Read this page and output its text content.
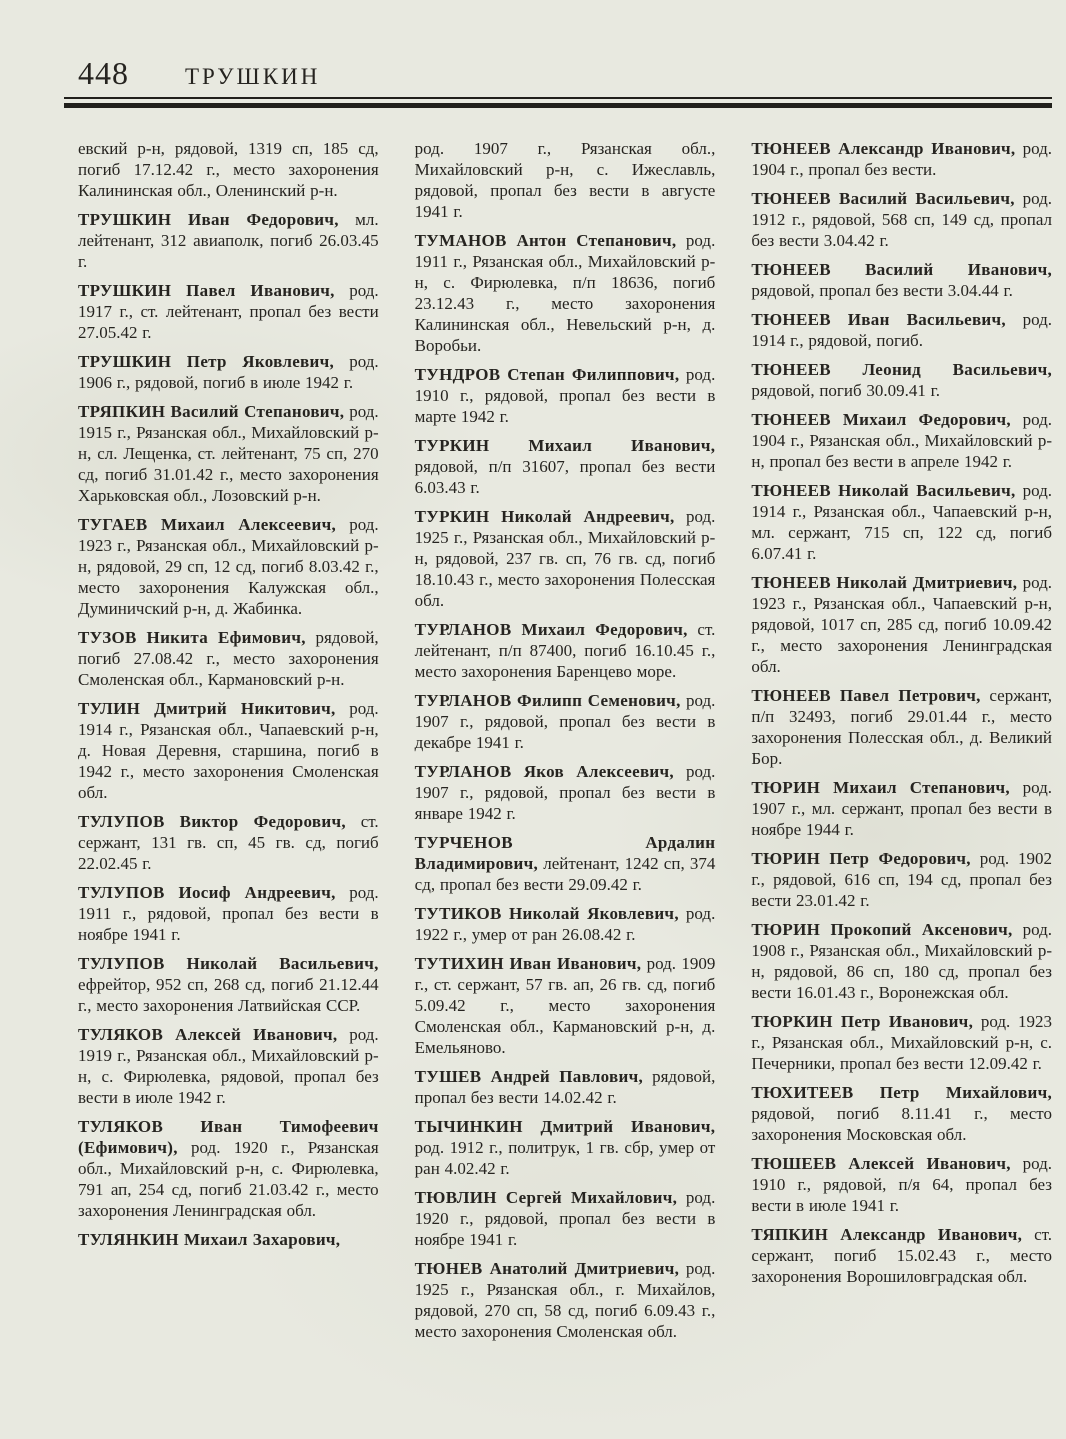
448 ТРУШКИН

евский р-н, рядовой, 1319 сп, 185 сд, погиб 17.12.42 г., место захоронения Калининская обл., Оленинский р-н.

ТРУШКИН Иван Федорович, мл. лейтенант, 312 авиаполк, погиб 26.03.45 г.

ТРУШКИН Павел Иванович, род. 1917 г., ст. лейтенант, пропал без вести 27.05.42 г.

ТРУШКИН Петр Яковлевич, род. 1906 г., рядовой, погиб в июле 1942 г.

ТРЯПКИН Василий Степанович, род. 1915 г., Рязанская обл., Михайловский р-н, сл. Лещенка, ст. лейтенант, 75 сп, 270 сд, погиб 31.01.42 г., место захоронения Харьковская обл., Лозовский р-н.

ТУГАЕВ Михаил Алексеевич, род. 1923 г., Рязанская обл., Михайловский р-н, рядовой, 29 сп, 12 сд, погиб 8.03.42 г., место захоронения Калужская обл., Думиничский р-н, д. Жабинка.

ТУЗОВ Никита Ефимович, рядовой, погиб 27.08.42 г., место захоронения Смоленская обл., Кармановский р-н.

ТУЛИН Дмитрий Никитович, род. 1914 г., Рязанская обл., Чапаевский р-н, д. Новая Деревня, старшина, погиб в 1942 г., место захоронения Смоленская обл.

ТУЛУПОВ Виктор Федорович, ст. сержант, 131 гв. сп, 45 гв. сд, погиб 22.02.45 г.

ТУЛУПОВ Иосиф Андреевич, род. 1911 г., рядовой, пропал без вести в ноябре 1941 г.

ТУЛУПОВ Николай Васильевич, ефрейтор, 952 сп, 268 сд, погиб 21.12.44 г., место захоронения Латвийская ССР.

ТУЛЯКОВ Алексей Иванович, род. 1919 г., Рязанская обл., Михайловский р-н, с. Фирюлевка, рядовой, пропал без вести в июле 1942 г.

ТУЛЯКОВ Иван Тимофеевич (Ефимович), род. 1920 г., Рязанская обл., Михайловский р-н, с. Фирюлевка, 791 ап, 254 сд, погиб 21.03.42 г., место захоронения Ленинградская обл.

ТУЛЯНКИН Михаил Захарович,

род. 1907 г., Рязанская обл., Михайловский р-н, с. Ижеславль, рядовой, пропал без вести в августе 1941 г.

ТУМАНОВ Антон Степанович, род. 1911 г., Рязанская обл., Михайловский р-н, с. Фирюлевка, п/п 18636, погиб 23.12.43 г., место захоронения Калининская обл., Невельский р-н, д. Воробьи.

ТУНДРОВ Степан Филиппович, род. 1910 г., рядовой, пропал без вести в марте 1942 г.

ТУРКИН Михаил Иванович, рядовой, п/п 31607, пропал без вести 6.03.43 г.

ТУРКИН Николай Андреевич, род. 1925 г., Рязанская обл., Михайловский р-н, рядовой, 237 гв. сп, 76 гв. сд, погиб 18.10.43 г., место захоронения Полесская обл.

ТУРЛАНОВ Михаил Федорович, ст. лейтенант, п/п 87400, погиб 16.10.45 г., место захоронения Баренцево море.

ТУРЛАНОВ Филипп Семенович, род. 1907 г., рядовой, пропал без вести в декабре 1941 г.

ТУРЛАНОВ Яков Алексеевич, род. 1907 г., рядовой, пропал без вести в январе 1942 г.

ТУРЧЕНОВ Ардалин Владимирович, лейтенант, 1242 сп, 374 сд, пропал без вести 29.09.42 г.

ТУТИКОВ Николай Яковлевич, род. 1922 г., умер от ран 26.08.42 г.

ТУТИХИН Иван Иванович, род. 1909 г., ст. сержант, 57 гв. ап, 26 гв. сд, погиб 5.09.42 г., место захоронения Смоленская обл., Кармановский р-н, д. Емельяново.

ТУШЕВ Андрей Павлович, рядовой, пропал без вести 14.02.42 г.

ТЫЧИНКИН Дмитрий Иванович, род. 1912 г., политрук, 1 гв. сбр, умер от ран 4.02.42 г.

ТЮВЛИН Сергей Михайлович, род. 1920 г., рядовой, пропал без вести в ноябре 1941 г.

ТЮНЕВ Анатолий Дмитриевич, род. 1925 г., Рязанская обл., г. Михайлов, рядовой, 270 сп, 58 сд, погиб 6.09.43 г., место захоронения Смоленская обл.

ТЮНЕЕВ Александр Иванович, род. 1904 г., пропал без вести.

ТЮНЕЕВ Василий Васильевич, род. 1912 г., рядовой, 568 сп, 149 сд, пропал без вести 3.04.42 г.

ТЮНЕЕВ Василий Иванович, рядовой, пропал без вести 3.04.44 г.

ТЮНЕЕВ Иван Васильевич, род. 1914 г., рядовой, погиб.

ТЮНЕЕВ Леонид Васильевич, рядовой, погиб 30.09.41 г.

ТЮНЕЕВ Михаил Федорович, род. 1904 г., Рязанская обл., Михайловский р-н, пропал без вести в апреле 1942 г.

ТЮНЕЕВ Николай Васильевич, род. 1914 г., Рязанская обл., Чапаевский р-н, мл. сержант, 715 сп, 122 сд, погиб 6.07.41 г.

ТЮНЕЕВ Николай Дмитриевич, род. 1923 г., Рязанская обл., Чапаевский р-н, рядовой, 1017 сп, 285 сд, погиб 10.09.42 г., место захоронения Ленинградская обл.

ТЮНЕЕВ Павел Петрович, сержант, п/п 32493, погиб 29.01.44 г., место захоронения Полесская обл., д. Великий Бор.

ТЮРИН Михаил Степанович, род. 1907 г., мл. сержант, пропал без вести в ноябре 1944 г.

ТЮРИН Петр Федорович, род. 1902 г., рядовой, 616 сп, 194 сд, пропал без вести 23.01.42 г.

ТЮРИН Прокопий Аксенович, род. 1908 г., Рязанская обл., Михайловский р-н, рядовой, 86 сп, 180 сд, пропал без вести 16.01.43 г., Воронежская обл.

ТЮРКИН Петр Иванович, род. 1923 г., Рязанская обл., Михайловский р-н, с. Печерники, пропал без вести 12.09.42 г.

ТЮХИТЕЕВ Петр Михайлович, рядовой, погиб 8.11.41 г., место захоронения Московская обл.

ТЮШЕЕВ Алексей Иванович, род. 1910 г., рядовой, п/я 64, пропал без вести в июле 1941 г.

ТЯПКИН Александр Иванович, ст. сержант, погиб 15.02.43 г., место захоронения Ворошиловградская обл.
